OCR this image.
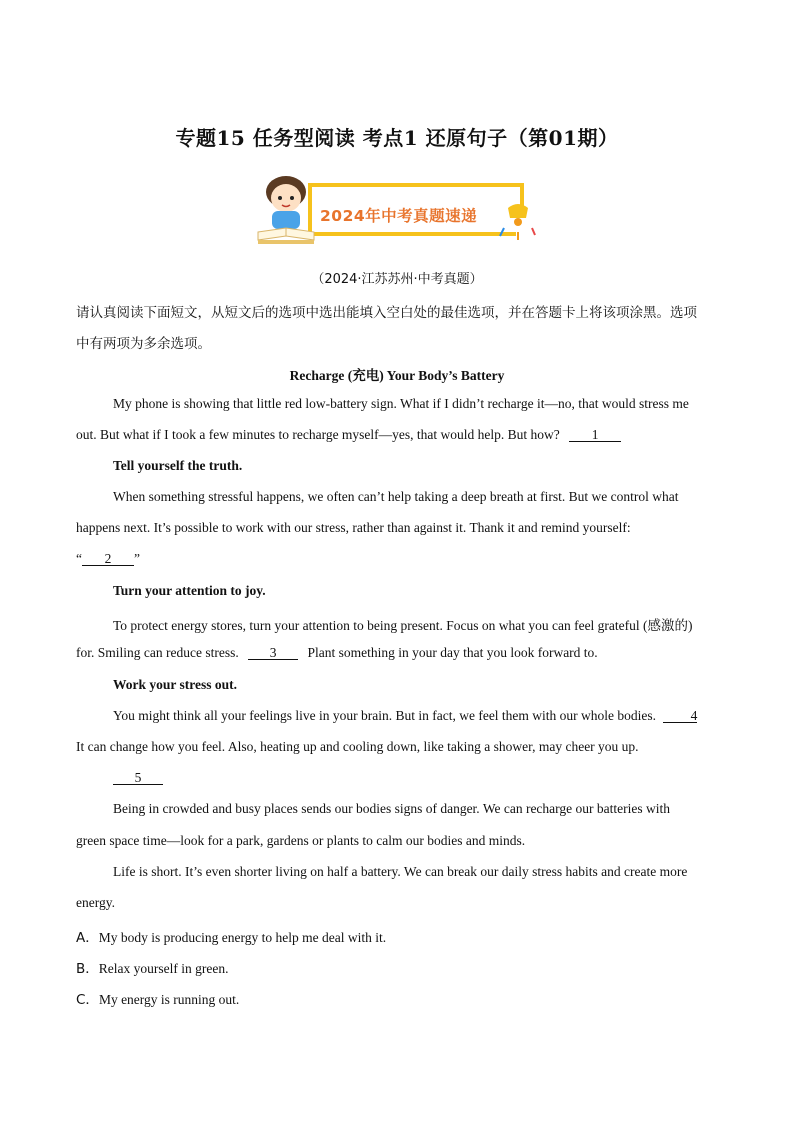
专题15 任务型阅读 考点1 还原句子（第01期）
2024年中考真题速递
（2024·江苏苏州·中考真题）
请认真阅读下面短文，从短文后的选项中选出能填入空白处的最佳选项，并在答题卡上将该项涂黑。选项
中有两项为多余选项。
Recharge (充电) Your Body’s Battery
My phone is showing that little red low-battery sign. What if I didn’t recharge it—no, that would stress me
out. But what if I took a few minutes to recharge myself—yes, that would help. But how? 1
Tell yourself the truth.
When something stressful happens, we often can’t help taking a deep breath at first. But we control what
happens next. It’s possible to work with our stress, rather than against it. Thank it and remind yourself:
“ 2 ”
Turn your attention to joy.
To protect energy stores, turn your attention to being present. Focus on what you can feel grateful (感激的)
for. Smiling can reduce stress. 3 Plant something in your day that you look forward to.
Work your stress out.
You might think all your feelings live in your brain. But in fact, we feel them with our whole bodies.	4
It can change how you feel. Also, heating up and cooling down, like taking a shower, may cheer you up.
5
Being in crowded and busy places sends our bodies signs of danger. We can recharge our batteries with
green space time—look for a park, gardens or plants to calm our bodies and minds.
Life is short. It’s even shorter living on half a battery. We can break our daily stress habits and create more
energy.
A．My body is producing energy to help me deal with it.
B．Relax yourself in green.
C．My energy is running out.
